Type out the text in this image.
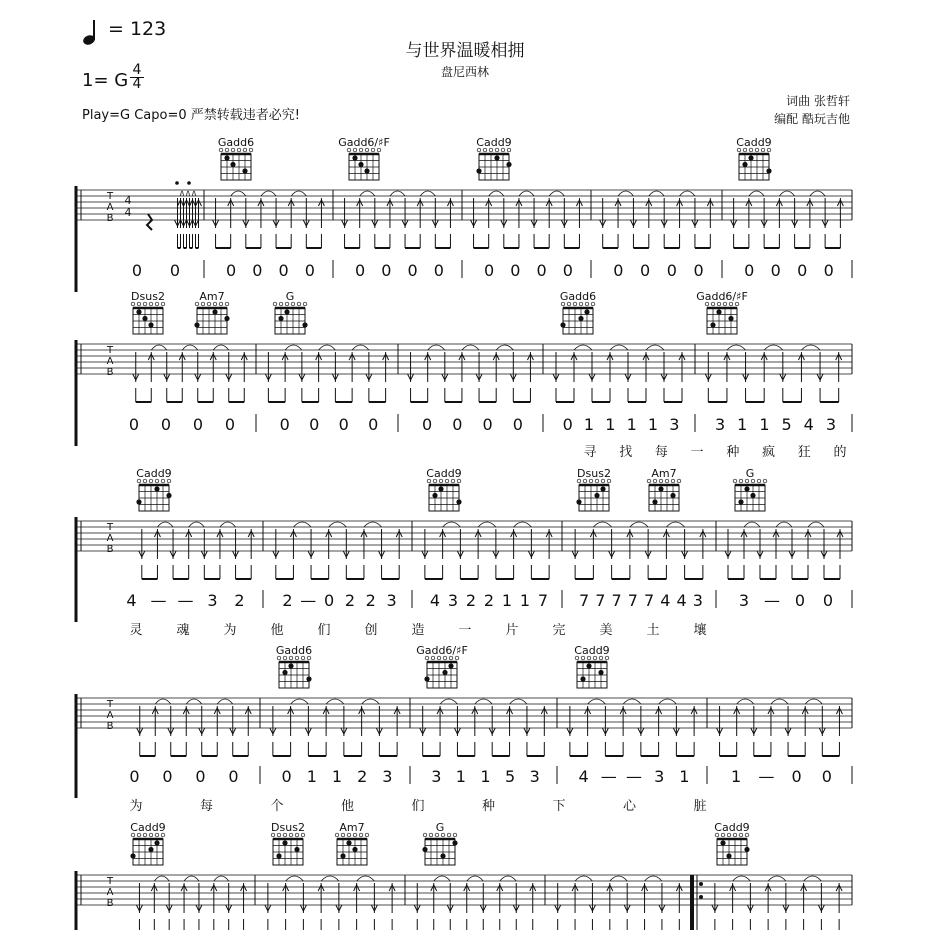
= 123
1= G 4
4
Play=G Capo=0 严禁转载违者必究!
与世界温暖相拥
盘尼西林
词曲 张哲轩
编配 酷玩吉他
T
A
B
4
4
0 0	0 0 0 0	0 0 0 0	0 0 0 0	0 0 0 0	0 0 0 0
Gadd6	Gadd6/♯F	Cadd9	Cadd9
T
A
B
0 0 0 0	0 0 0 0	0 0 0 0 0 1 1 1 1 3 3 1 1 5 4 3
寻 找 每 一 种 疯 狂 的
Dsus2	Am7	G	Gadd6	Gadd6/♯F
T
A
B
4 — — 3 2 2 — 0 2 2 3 4 3 2 2 1 1 7 7 7 7 7 7 4 4 3 3 — 0 0
灵	魂	为	他	们	创	造	一	片	完	美	土	壤
Cadd9	Cadd9	Dsus2	Am7	G
T
A
B
0 0 0 0	0 1 1 2 3 3 1 1 5 3 4 — — 3 1	1 — 0 0
为	每	个	他	们	种	下	心	脏
Gadd6	Gadd6/♯F	Cadd9
T
A
B
Cadd9	Dsus2	Am7	G	Cadd9
